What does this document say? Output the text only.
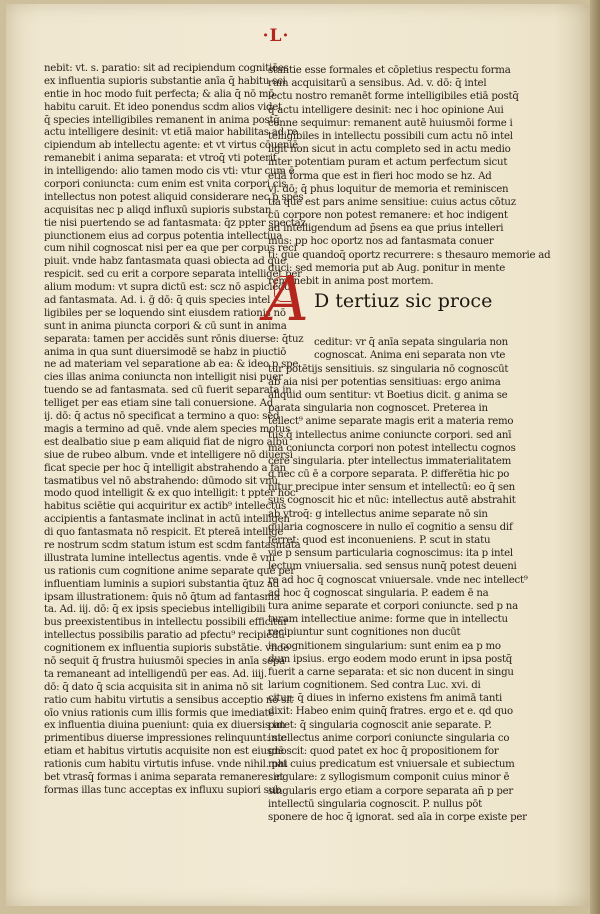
·L·
nebit: vt. s. paratio: sit ad recipiendum cognitiōes
ex influentia supioris substantie anīa q̄ habitu sci
entie in hoc modo fuit perfecta; & alia q̄ nō mō
habitu caruit. Et ideo ponendus scdm alios videt
q̄ species intelligibiles remanent in anima postq̄
actu intelligere desinit: vt etiā maior habilitas ad re
cipiendum ab intellectu agente: et vt virtus cōueniē
remanebit i anima separata: et vtroq̄ vti poterit
in intelligendo: alio tamen modo cis vti: vtur cum ē
corpori coniuncta: cum enim est vnita corpori cis
intellectus non potest aliquid considerare nec p spēs
acquisitas nec p aliqd influxū supioris substan
tie nisi puertendo se ad fantasmata: q̄z ppter spectaz
piunctionem eius ad corpus potentia intellectiua
cum nihil cognoscat nisi per ea que per corpus reci
piuit. vnde habz fantasmata quasi obiecta ad que
respicit. sed cu erit a corpore separata intelliget per
alium modum: vt supra dictū est: scz nō aspiciēdo
ad fantasmata. Ad. i. ḡ dō: q̄ quis species intel
ligibiles per se loquendo sint eiusdem rationis nō
sunt in anima piuncta corpori & cū sunt in anima
separata: tamen per accidēs sunt rōnis diuerse: q̄tuz
anima in qua sunt diuersimodē se habz in piuctiō
ne ad materiam vel separatione ab ea: & ideo p spe
cies illas anima coniuncta non intelligit nisi puer
tuendo se ad fantasmata. sed cū fuerit separata in
telliget per eas etiam sine tali conuersione. Ad
ij. dō: q̄ actus nō specificat a termino a quo: sed
magis a termino ad quē. vnde alem species motus
est dealbatio siue p eam aliquid fiat de nigro albū
siue de rubeo album. vnde et intelligere nō diuersi
ficat specie per hoc q̄ intelligit abstrahendo a fan
tasmatibus vel nō abstrahendo: dūmodo sit vnū
modo quod intelligit & ex quo intelligit: t ppter hoc
habitus sciētie qui acquiritur ex actib⁹ intellectus
accipientis a fantasmate inclinat in actū intelligen
di quo fantasmata nō respicit. Et ptereā intellige
re nostrum scdm statum istum est scdm fantasmata
illustrata lumine intellectus agentis. vnde ē vni
us rationis cum cognitione anime separate quē per
influentiam luminis a supiori substantia q̄tuz ad
ipsam illustrationem: q̄uis nō q̄tum ad fantasma
ta. Ad. iij. dō: q̄ ex ipsis speciebus intelligibili
bus preexistentibus in intellectu possibili efficitur
intellectus possibilis paratio ad pfectu⁹ recipiēdū
cognitionem ex influentia supioris substātie. vnde
nō sequit q̄ frustra huiusmōi species in anīa sepa
ta remaneant ad intelligendū per eas. Ad. iiij.
dō: q̄ dato q̄ scia acquisita sit in anima nō sit
ratio cum habitu virtutis a sensibus acceptio nō sit
oīo vnius rationis cum illis formis que imediate
ex influentia diuina pueniunt: quia ex diuersis im
primentibus diuerse impressiones relinquunt: sic
etiam et habitus virtutis acquisite non est eiusdē
rationis cum habitu virtutis infuse. vnde nihil. phi
bet vtrasq̄ formas i anima separata remanere: et
formas illas tunc acceptas ex influxu supiori sub
stantie esse formales et cōpletius respectu forma
rum acquisitarū a sensibus. Ad. v. dō: q̄ intel
lectu nostro remanēt forme intelligibiles etiā postq̄
q̄ actu intelligere desinit: nec i hoc opinione Aui
cenne sequimur: remanent autē huiusmōi forme i
telligibiles in intellectu possibili cum actu nō intel
ligit non sicut in actu completo sed in actu medio
inter potentiam puram et actum perfectum sicut
etiā forma que est in fieri hoc modo se hz. Ad
vj. dō: q̄ phus loquitur de memoria et reminiscen
tia que est pars anime sensitiue: cuius actus cōtuz
cū corpore non potest remanere: et hoc indigent
ad intelligendum ad p̄sens ea que prius intelleri
mus: pp hoc oportz nos ad fantasmata conuer
ti: que quandoq̄ oportz recurrere: s thesauro memorie ad
duci: sed memoria put ab Aug. ponitur in mente
remanebit in anima post mortem.
A D tertiuz sic proce
ceditur: vr q̄ anīa sepata singularia non
cognoscat. Anima eni separata non vte
tur potētijs sensitiuis. sz singularia nō cognoscūt
ab aia nisi per potentias sensitiuas: ergo anima
aliquid oum sentitur: vt Boetius dicit. g anima se
parata singularia non cognoscet. Preterea in
tellect⁹ anime separate magis erit a materia remo
tus q̄ intellectus anime coniuncte corpori. sed anī
ma coniuncta corpori non potest intellectu cognos
cere singularia. pter intellectus immaterialitatem
g nec cū ē a corpore separata. P. differētia hic po
nitur precipue inter sensum et intellectū: eo q̄ sen
sus cognoscit hic et nūc: intellectus autē abstrahit
ab vtroq̄: g intellectus anime separate nō sin
gularia cognoscere in nullo eī cognitio a sensu dif
ferret: quod est inconueniens. P. scut in statu
vie p sensum particularia cognoscimus: ita p intel
lectum vniuersalia. sed sensus nunq̄ potest deueni
re ad hoc q̄ cognoscat vniuersale. vnde nec intellect⁹
ad hoc q̄ cognoscat singularia. P. eadem ē na
tura anime separate et corpori coniuncte. sed p na
turam intellectiue anime: forme que in intellectu
recipiuntur sunt cognitiones non ducūt
in cognitionem singularium: sunt enim ea p mo
dum ipsius. ergo eodem modo erunt in ipsa postq̄
fuerit a carne separata: et sic non ducent in singu
larium cognitionem. Sed contra Luc. xvi. di
citur: q̄ diues in inferno existens fm animā tanti
dixit: Habeo enim quinq̄ fratres. ergo et e. qd quo
patet: q̄ singularia cognoscit anie separate. P.
intellectus anime corpori coniuncte singularia co
gnoscit: quod patet ex hoc q̄ propositionem for
mat cuius predicatum est vniuersale et subiectum
singulare: z syllogismum componit cuius minor ē
singularis ergo etiam a corpore separata an̄ p per
intellectū singularia cognoscit. P. nullus pōt
sponere de hoc q̄ ignorat. sed aīa in corpe existe per
